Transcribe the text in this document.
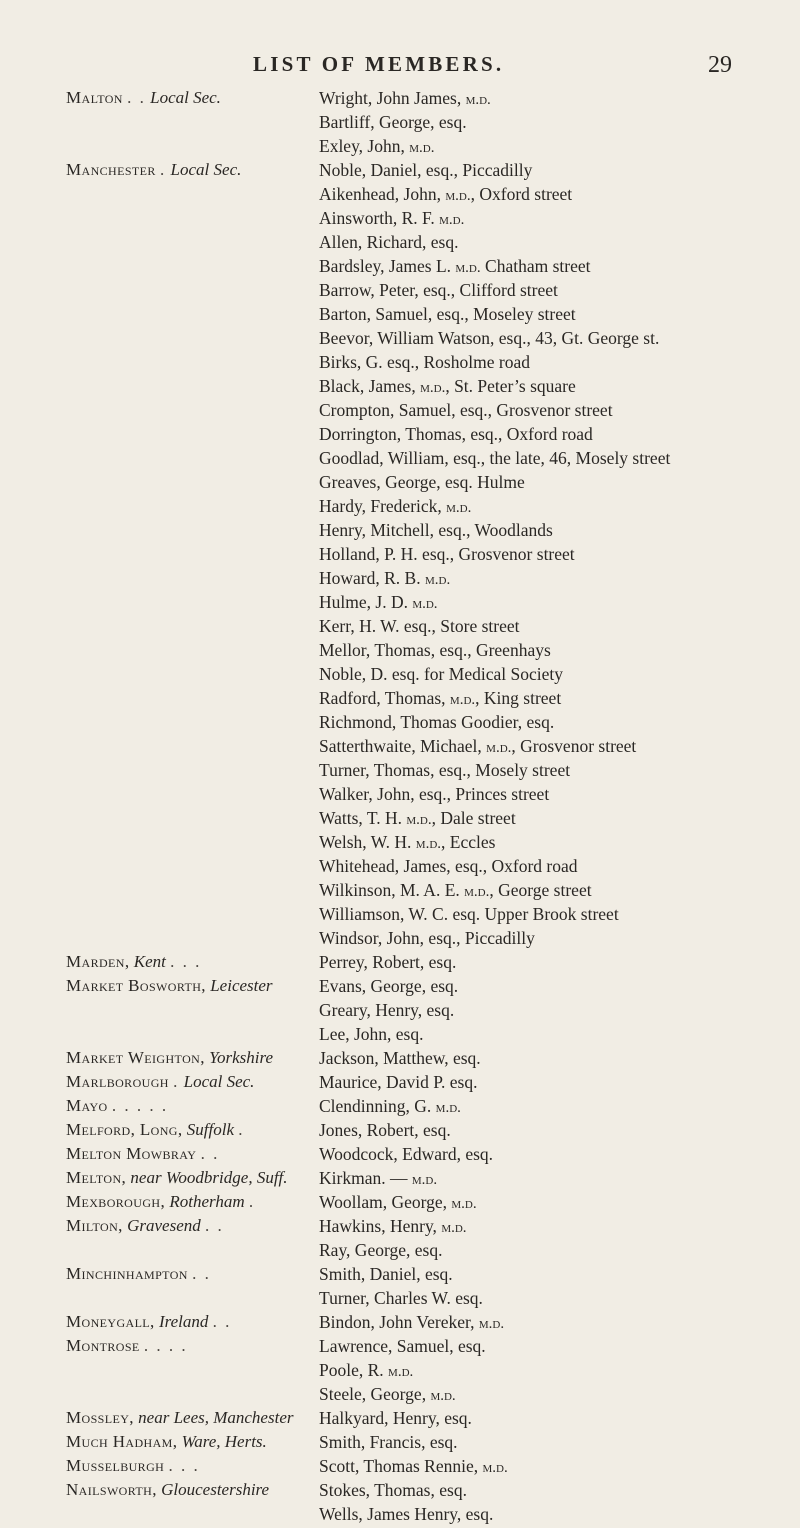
LIST OF MEMBERS.	29
Malton . . Local Sec.	Wright, John James, m.d.
Bartliff, George, esq.
Exley, John, m.d.
Manchester . Local Sec.	Noble, Daniel, esq., Piccadilly
Aikenhead, John, m.d., Oxford street
Ainsworth, R. F. m.d.
Allen, Richard, esq.
Bardsley, James L. m.d. Chatham street
Barrow, Peter, esq., Clifford street
Barton, Samuel, esq., Moseley street
Beevor, William Watson, esq., 43, Gt. George st.
Birks, G. esq., Rosholme road
Black, James, m.d., St. Peter’s square
Crompton, Samuel, esq., Grosvenor street
Dorrington, Thomas, esq., Oxford road
Goodlad, William, esq., the late, 46, Mosely street
Greaves, George, esq. Hulme
Hardy, Frederick, m.d.
Henry, Mitchell, esq., Woodlands
Holland, P. H. esq., Grosvenor street
Howard, R. B. m.d.
Hulme, J. D. m.d.
Kerr, H. W. esq., Store street
Mellor, Thomas, esq., Greenhays
Noble, D. esq. for Medical Society
Radford, Thomas, m.d., King street
Richmond, Thomas Goodier, esq.
Satterthwaite, Michael, m.d., Grosvenor street
Turner, Thomas, esq., Mosely street
Walker, John, esq., Princes street
Watts, T. H. m.d., Dale street
Welsh, W. H. m.d., Eccles
Whitehead, James, esq., Oxford road
Wilkinson, M. A. E. m.d., George street
Williamson, W. C. esq. Upper Brook street
Windsor, John, esq., Piccadilly
Marden, Kent . . .	Perrey, Robert, esq.
Market Bosworth, Leicester	Evans, George, esq.
Greary, Henry, esq.
Lee, John, esq.
Market Weighton, Yorkshire	Jackson, Matthew, esq.
Marlborough . Local Sec.	Maurice, David P. esq.
Mayo . . . . .	Clendinning, G. m.d.
Melford, Long, Suffolk .	Jones, Robert, esq.
Melton Mowbray . .	Woodcock, Edward, esq.
Melton, near Woodbridge, Suff.	Kirkman. — m.d.
Mexborough, Rotherham .	Woollam, George, m.d.
Milton, Gravesend . .	Hawkins, Henry, m.d.
Ray, George, esq.
Minchinhampton . .	Smith, Daniel, esq.
Turner, Charles W. esq.
Moneygall, Ireland . .	Bindon, John Vereker, m.d.
Montrose . . . .	Lawrence, Samuel, esq.
Poole, R. m.d.
Steele, George, m.d.
Mossley, near Lees, Manchester	Halkyard, Henry, esq.
Much Hadham, Ware, Herts.	Smith, Francis, esq.
Musselburgh . . .	Scott, Thomas Rennie, m.d.
Nailsworth, Gloucestershire	Stokes, Thomas, esq.
Wells, James Henry, esq.
